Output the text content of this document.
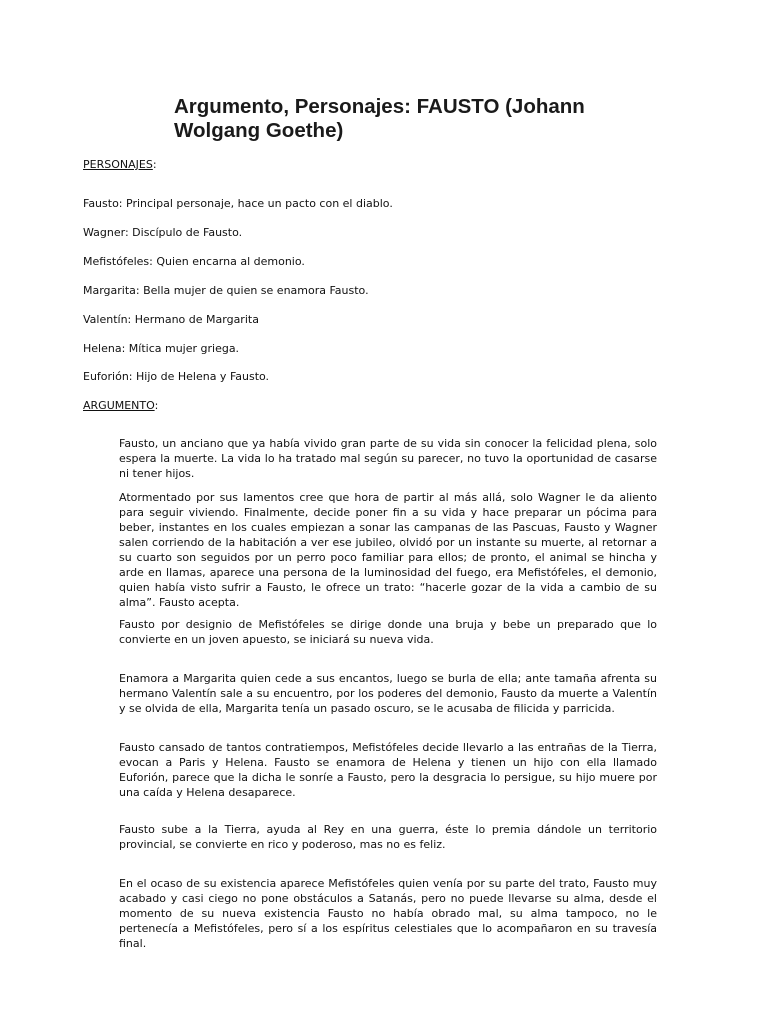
Argumento, Personajes: FAUSTO (Johann Wolgang Goethe)

PERSONAJES:

Fausto: Principal personaje, hace un pacto con el diablo.

Wagner: Discípulo de Fausto.

Mefistófeles: Quien encarna al demonio.

Margarita: Bella mujer de quien se enamora Fausto.

Valentín: Hermano de Margarita

Helena: Mítica mujer griega.

Euforión: Hijo de Helena y Fausto.

ARGUMENTO:

Fausto, un anciano que ya había vivido gran parte de su vida sin conocer la felicidad plena, solo espera la muerte. La vida lo ha tratado mal según su parecer, no tuvo la oportunidad de casarse ni tener hijos.

Atormentado por sus lamentos cree que hora de partir al más allá, solo Wagner le da aliento para seguir viviendo. Finalmente, decide poner fin a su vida y hace preparar un pócima para beber, instantes en los cuales empiezan a sonar las campanas de las Pascuas, Fausto y Wagner salen corriendo de la habitación a ver ese jubileo, olvidó por un instante su muerte, al retornar a su cuarto son seguidos por un perro poco familiar para ellos; de pronto, el animal se hincha y arde en llamas, aparece una persona de la luminosidad del fuego, era Mefistófeles, el demonio, quien había visto sufrir a Fausto, le ofrece un trato: “hacerle gozar de la vida a cambio de su alma”. Fausto acepta.

Fausto por designio de Mefistófeles se dirige donde una bruja y bebe un preparado que lo convierte en un joven apuesto, se iniciará su nueva vida.

Enamora a Margarita quien cede a sus encantos, luego se burla de ella; ante tamaña afrenta su hermano Valentín sale a su encuentro, por los poderes del demonio, Fausto da muerte a Valentín y se olvida de ella, Margarita tenía un pasado oscuro, se le acusaba de filicida y parricida.

Fausto cansado de tantos contratiempos, Mefistófeles decide llevarlo a las entrañas de la Tierra, evocan a Paris y Helena. Fausto se enamora de Helena y tienen un hijo con ella llamado Euforión, parece que la dicha le sonríe a Fausto, pero la desgracia lo persigue, su hijo muere por una caída y Helena desaparece.

Fausto sube a la Tierra, ayuda al Rey en una guerra, éste lo premia dándole un territorio provincial, se convierte en rico y poderoso, mas no es feliz.

En el ocaso de su existencia aparece Mefistófeles quien venía por su parte del trato, Fausto muy acabado y casi ciego no pone obstáculos a Satanás, pero no puede llevarse su alma, desde el momento de su nueva existencia Fausto no había obrado mal, su alma tampoco, no le pertenecía a Mefistófeles, pero sí a los espíritus celestiales que lo acompañaron en su travesía final.
